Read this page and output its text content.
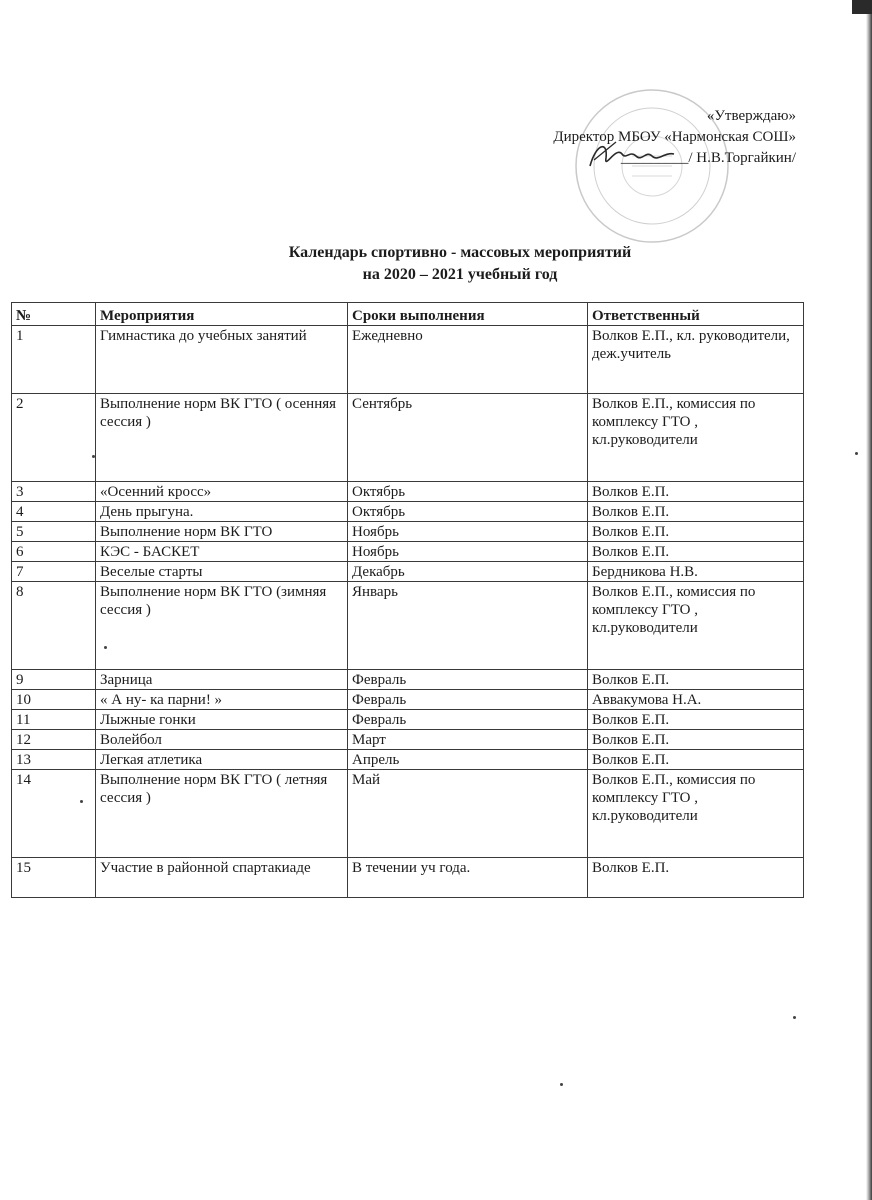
«Утверждаю»
Директор МБОУ «Нармонская СОШ»
_________/ Н.В.Торгайкин/
Календарь спортивно - массовых мероприятий
на 2020 – 2021 учебный год
№	Мероприятия	Сроки выполнения	Ответственный
1	Гимнастика до учебных занятий	Ежедневно	Волков Е.П., кл. руководители, деж.учитель
2	Выполнение норм ВК ГТО ( осенняя сессия )	Сентябрь	Волков Е.П., комиссия по комплексу ГТО , кл.руководители
3	«Осенний кросс»	Октябрь	Волков Е.П.
4	День прыгуна.	Октябрь	Волков Е.П.
5	Выполнение норм ВК ГТО	Ноябрь	Волков Е.П.
6	КЭС - БАСКЕТ	Ноябрь	Волков Е.П.
7	Веселые старты	Декабрь	Бердникова Н.В.
8	Выполнение норм ВК ГТО (зимняя сессия )	Январь	Волков Е.П., комиссия по комплексу ГТО , кл.руководители
9	Зарница	Февраль	Волков Е.П.
10	« А ну- ка парни! »	Февраль	Аввакумова Н.А.
11	Лыжные гонки	Февраль	Волков Е.П.
12	Волейбол	Март	Волков Е.П.
13	Легкая атлетика	Апрель	Волков Е.П.
14	Выполнение норм ВК ГТО ( летняя сессия )	Май	Волков Е.П., комиссия по комплексу ГТО , кл.руководители
15	Участие в районной спартакиаде	В течении уч года.	Волков Е.П.
